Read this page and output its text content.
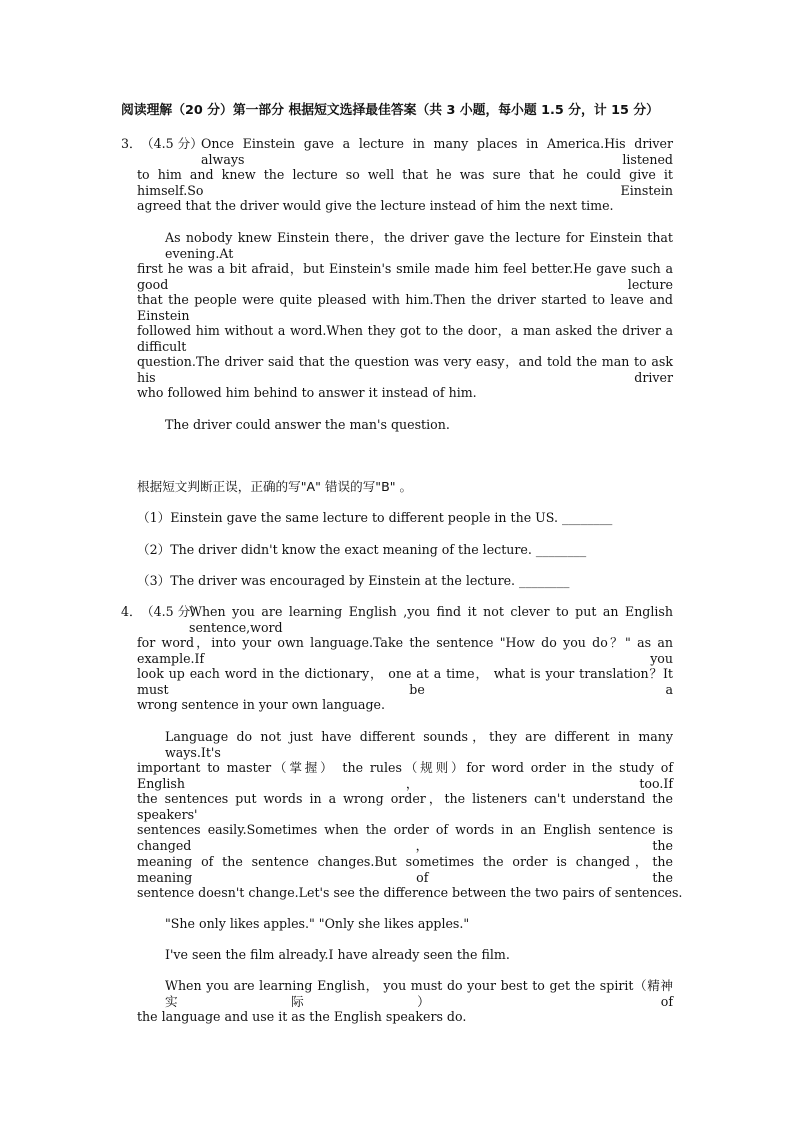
阅读理解（20 分）第一部分 根据短文选择最佳答案（共 3 小题，每小题 1.5 分，计 15 分）
3． （4.5 分）
Once Einstein gave a lecture in many places in America.His driver always listened
to him and knew the lecture so well that he was sure that he could give it himself.So Einstein
agreed that the driver would give the lecture instead of him the next time.
As nobody knew Einstein there，the driver gave the lecture for Einstein that evening.At
first he was a bit afraid，but Einstein's smile made him feel better.He gave such a good lecture
that the people were quite pleased with him.Then the driver started to leave and Einstein
followed him without a word.When they got to the door，a man asked the driver a difficult
question.The driver said that the question was very easy，and told the man to ask his driver
who followed him behind to answer it instead of him.
The driver could answer the man's question.
根据短文判断正误，正确的写"A" 错误的写"B" 。
（1）Einstein gave the same lecture to different people in the US. ________
（2）The driver didn't know the exact meaning of the lecture. ________
（3）The driver was encouraged by Einstein at the lecture. ________
4． （4.5 分）
When you are learning English ,you find it not clever to put an English sentence,word
for word，into your own language.Take the sentence "How do you do？" as an example.If you
look up each word in the dictionary， one at a time， what is your translation？It must be a
wrong sentence in your own language.
Language do not just have different sounds，they are different in many ways.It's
important to master（掌握） the rules（规则）for word order in the study of English，too.If
the sentences put words in a wrong order，the listeners can't understand the speakers'
sentences easily.Sometimes when the order of words in an English sentence is changed，the
meaning of the sentence changes.But sometimes the order is changed，the meaning of the
sentence doesn't change.Let's see the difference between the two pairs of sentences.
"She only likes apples." "Only she likes apples."
I've seen the film already.I have already seen the film.
When you are learning English， you must do your best to get the spirit（精神实际） of
the language and use it as the English speakers do.
